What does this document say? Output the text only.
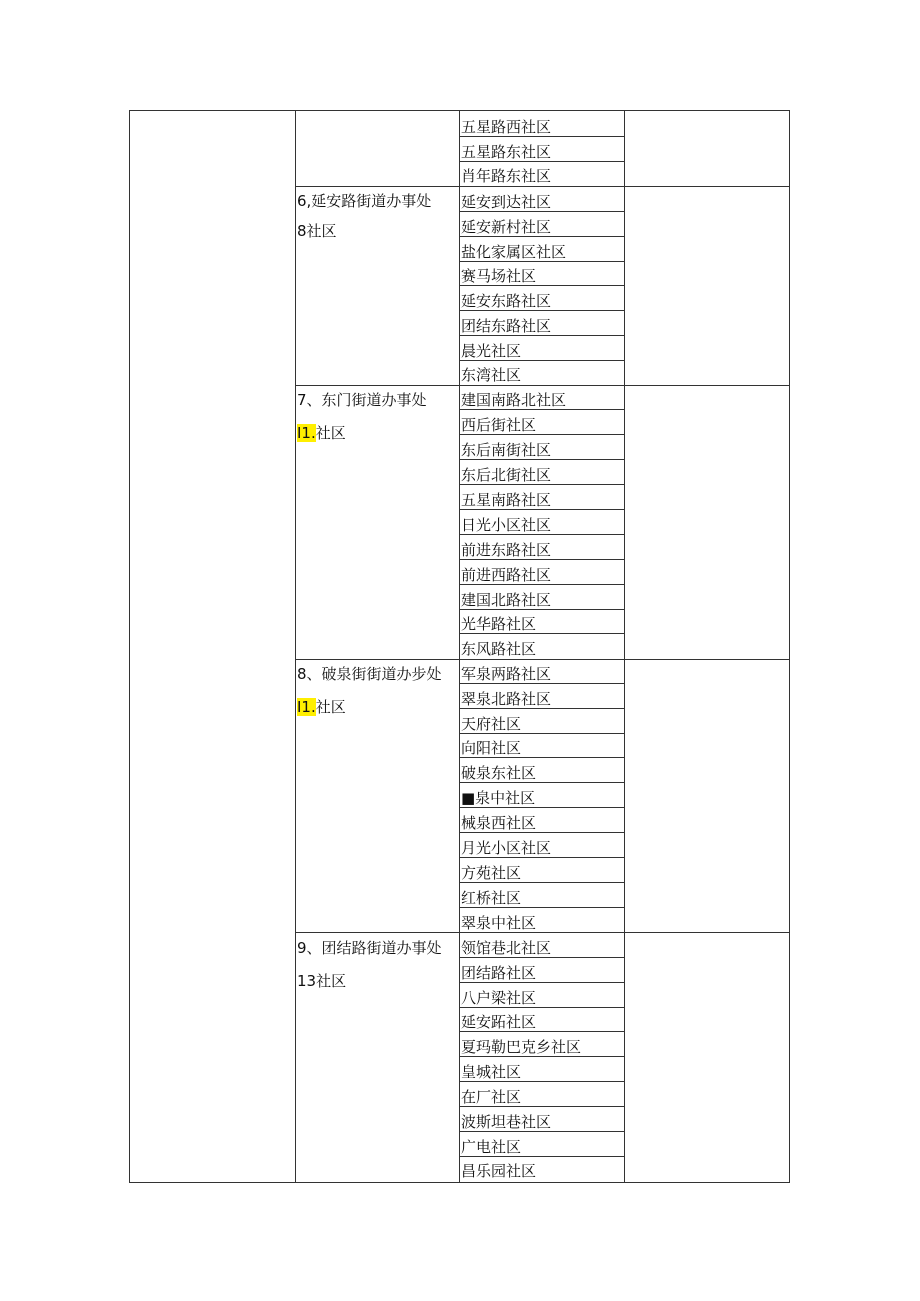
五星路西社区
五星路东社区
肖年路东社区
6,延安路街道办事处
8社区
延安到达社区
延安新村社区
盐化家属区社区
赛马场社区
延安东路社区
团结东路社区
晨光社区
东湾社区
7、东门街道办事处
I1.社区
建国南路北社区
西后街社区
东后南街社区
东后北街社区
五星南路社区
日光小区社区
前进东路社区
前进西路社区
建国北路社区
光华路社区
东风路社区
8、破泉街街道办步处
I1.社区
军泉两路社区
翠泉北路社区
天府社区
向阳社区
破泉东社区
■泉中社区
械泉西社区
月光小区社区
方苑社区
红桥社区
翠泉中社区
9、团结路街道办事处
13社区
领馆巷北社区
团结路社区
八户梁社区
延安跖社区
夏玛勒巴克乡社区
皇城社区
在厂社区
波斯坦巷社区
广电社区
昌乐园社区
